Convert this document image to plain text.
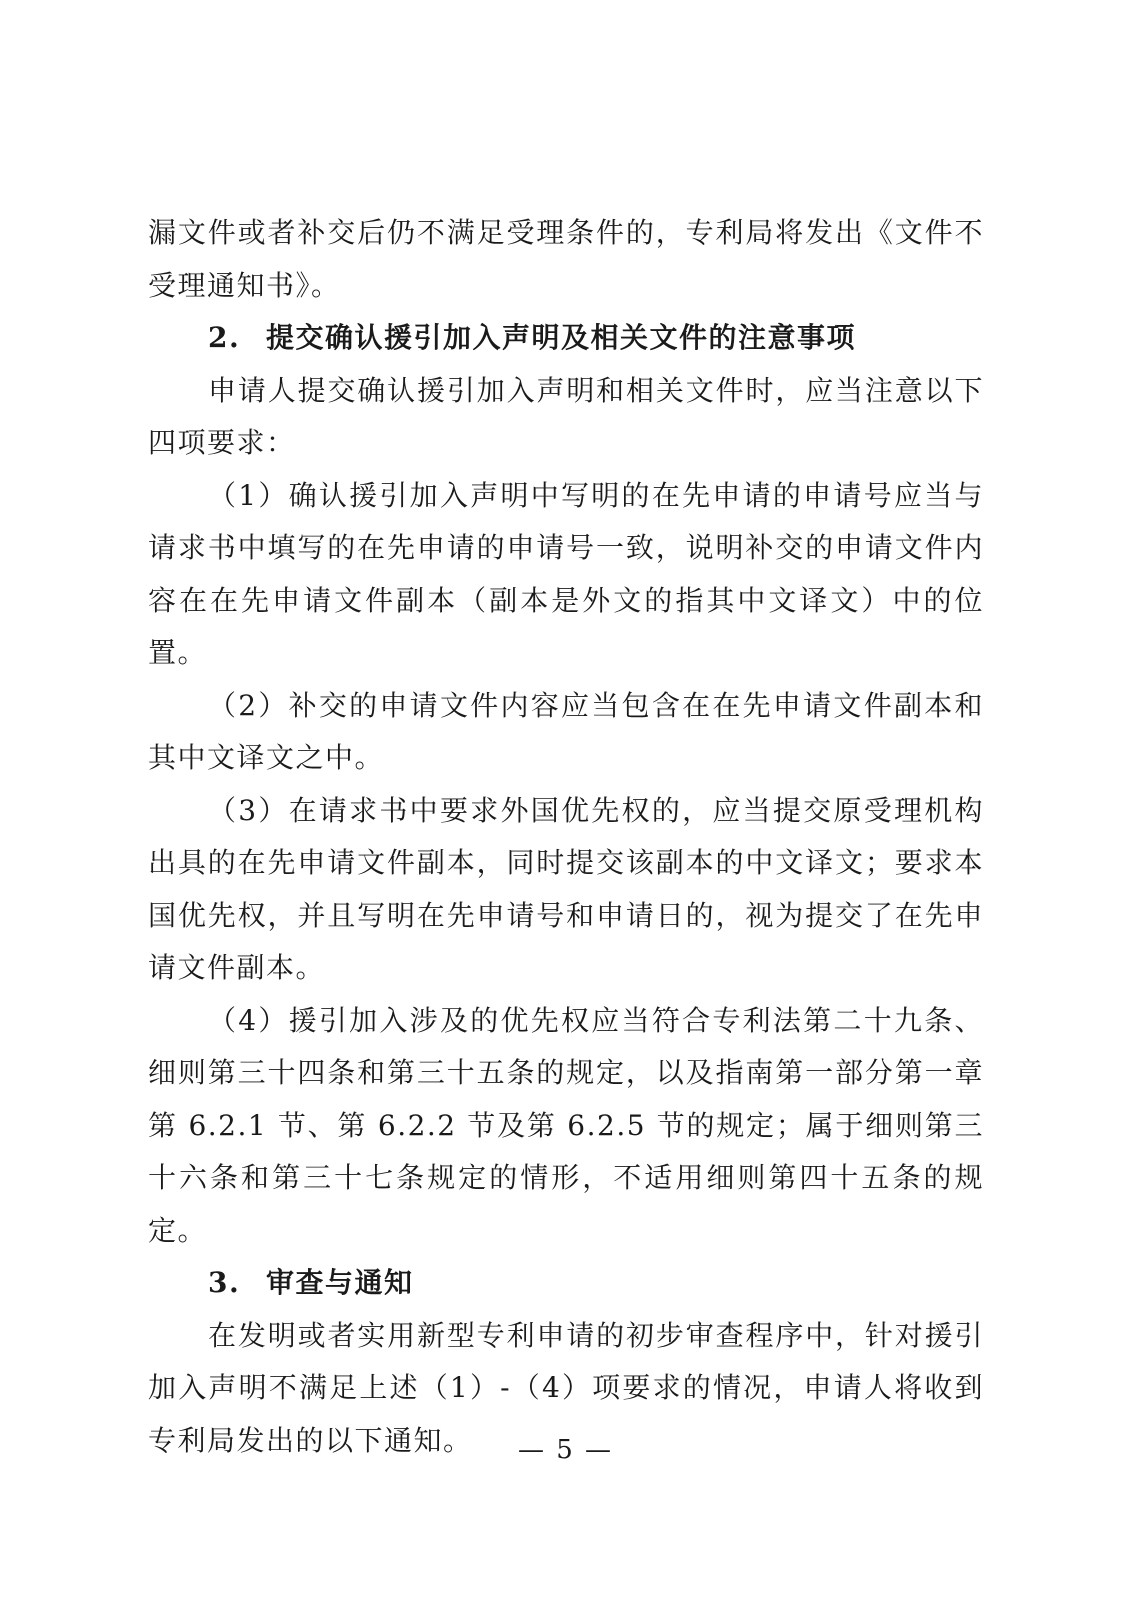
漏文件或者补交后仍不满足受理条件的，专利局将发出《文件不受理通知书》。

2. 提交确认援引加入声明及相关文件的注意事项

申请人提交确认援引加入声明和相关文件时，应当注意以下四项要求：

（1）确认援引加入声明中写明的在先申请的申请号应当与请求书中填写的在先申请的申请号一致，说明补交的申请文件内容在在先申请文件副本（副本是外文的指其中文译文）中的位置。

（2）补交的申请文件内容应当包含在在先申请文件副本和其中文译文之中。

（3）在请求书中要求外国优先权的，应当提交原受理机构出具的在先申请文件副本，同时提交该副本的中文译文；要求本国优先权，并且写明在先申请号和申请日的，视为提交了在先申请文件副本。

（4）援引加入涉及的优先权应当符合专利法第二十九条、细则第三十四条和第三十五条的规定，以及指南第一部分第一章第 6.2.1 节、第 6.2.2 节及第 6.2.5 节的规定；属于细则第三十六条和第三十七条规定的情形，不适用细则第四十五条的规定。

3. 审查与通知

在发明或者实用新型专利申请的初步审查程序中，针对援引加入声明不满足上述（1）-（4）项要求的情况，申请人将收到专利局发出的以下通知。	— 5 —
